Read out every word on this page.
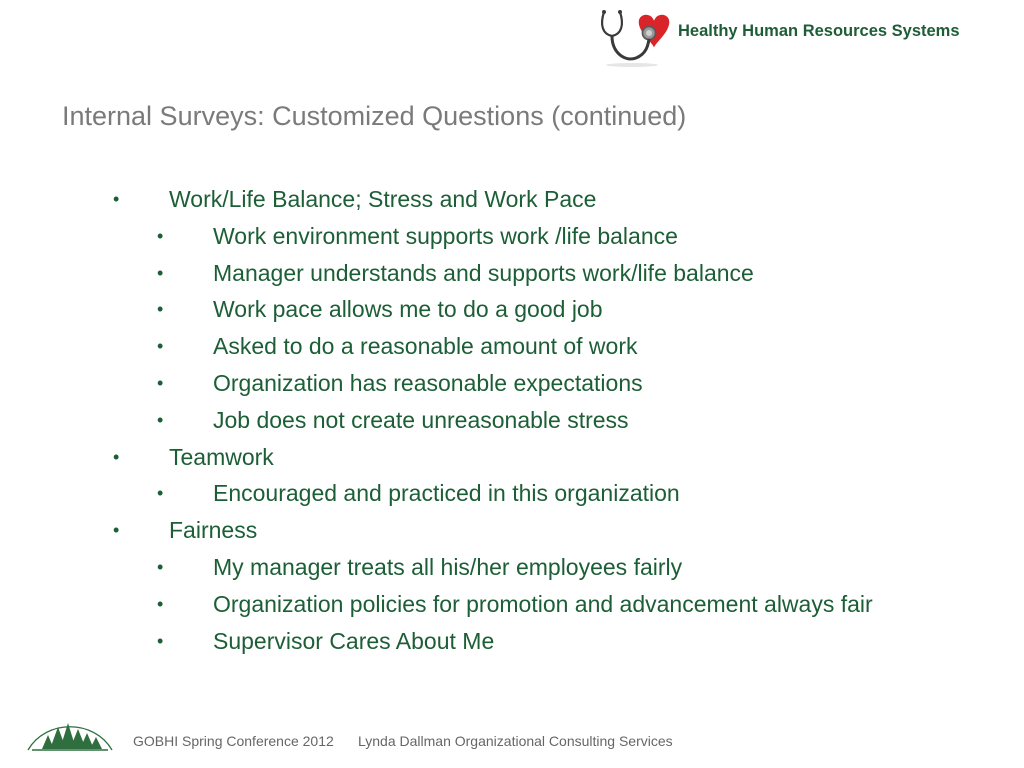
Healthy Human Resources Systems
Internal Surveys: Customized Questions (continued)
• Work/Life Balance; Stress and Work Pace
• Work environment supports work /life balance
• Manager understands and supports work/life balance
• Work pace allows me to do a good job
• Asked to do a reasonable amount of work
• Organization has reasonable expectations
• Job does not create unreasonable stress
• Teamwork
• Encouraged and practiced in this organization
• Fairness
• My manager treats all his/her employees fairly
• Organization policies for promotion and advancement always fair
• Supervisor Cares About Me
GOBHI Spring Conference 2012 Lynda Dallman Organizational Consulting Services
